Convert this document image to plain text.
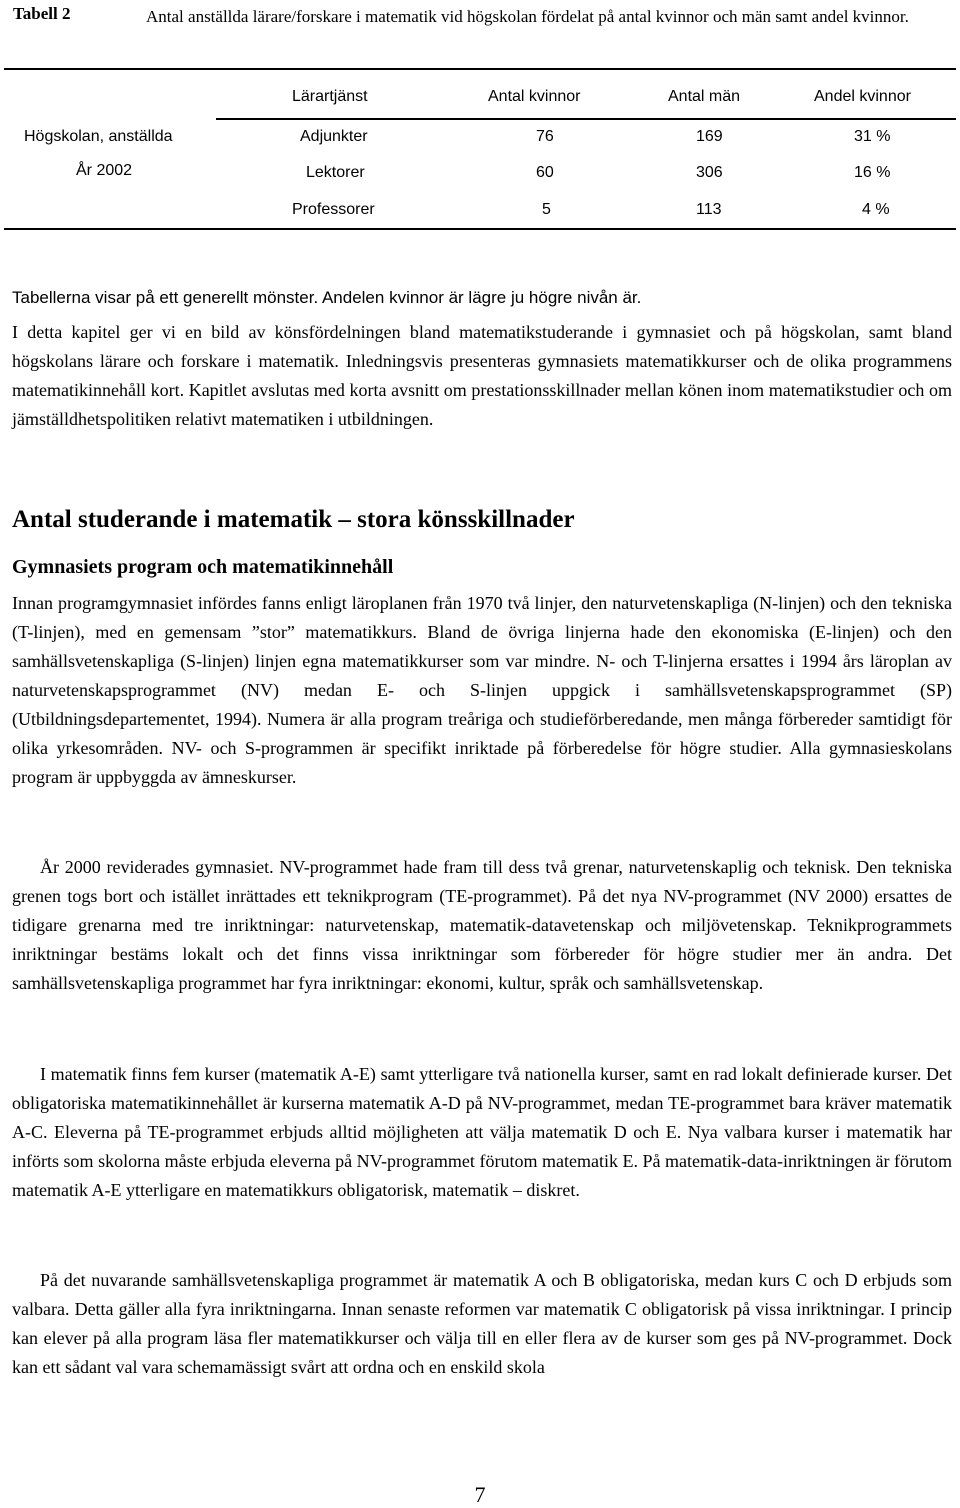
Tabell 2	Antal anställda lärare/forskare i matematik vid högskolan fördelat på antal kvinnor och män samt andel kvinnor.
Lärartjänst	Antal kvinnor	Antal män	Andel kvinnor
Högskolan, anställda
År 2002
Adjunkter	76	169	31 %
Lektorer	60	306	16 %
Professorer	5	113	4 %

Tabellerna visar på ett generellt mönster. Andelen kvinnor är lägre ju högre nivån är.

I detta kapitel ger vi en bild av könsfördelningen bland matematikstuderande i gymnasiet och på högskolan, samt bland högskolans lärare och forskare i matematik. Inledningsvis presenteras gymnasiets matematikkurser och de olika programmens matematikinnehåll kort. Kapitlet avslutas med korta avsnitt om prestationsskillnader mellan könen inom matematikstudier och om jämställdhetspolitiken relativt matematiken i utbildningen.

Antal studerande i matematik – stora könsskillnader
Gymnasiets program och matematikinnehåll

Innan programgymnasiet infördes fanns enligt läroplanen från 1970 två linjer, den naturvetenskapliga (N-linjen) och den tekniska (T-linjen), med en gemensam ”stor” matematikkurs. Bland de övriga linjerna hade den ekonomiska (E-linjen) och den samhällsvetenskapliga (S-linjen) linjen egna matematikkurser som var mindre. N- och T-linjerna ersattes i 1994 års läroplan av naturvetenskapsprogrammet (NV) medan E- och S-linjen uppgick i samhällsvetenskapsprogrammet (SP) (Utbildningsdepartementet, 1994). Numera är alla program treåriga och studieförberedande, men många förbereder samtidigt för olika yrkesområden. NV- och S-programmen är specifikt inriktade på förberedelse för högre studier. Alla gymnasieskolans program är uppbyggda av ämneskurser.

År 2000 reviderades gymnasiet. NV-programmet hade fram till dess två grenar, naturvetenskaplig och teknisk. Den tekniska grenen togs bort och istället inrättades ett teknikprogram (TE-programmet). På det nya NV-programmet (NV 2000) ersattes de tidigare grenarna med tre inriktningar: naturvetenskap, matematik-datavetenskap och miljövetenskap. Teknikprogrammets inriktningar bestäms lokalt och det finns vissa inriktningar som förbereder för högre studier mer än andra. Det samhällsvetenskapliga programmet har fyra inriktningar: ekonomi, kultur, språk och samhällsvetenskap.

I matematik finns fem kurser (matematik A-E) samt ytterligare två nationella kurser, samt en rad lokalt definierade kurser. Det obligatoriska matematikinnehållet är kurserna matematik A-D på NV-programmet, medan TE-programmet bara kräver matematik A-C. Eleverna på TE-programmet erbjuds alltid möjligheten att välja matematik D och E. Nya valbara kurser i matematik har införts som skolorna måste erbjuda eleverna på NV-programmet förutom matematik E. På matematik-data-inriktningen är förutom matematik A-E ytterligare en matematikkurs obligatorisk, matematik – diskret.

På det nuvarande samhällsvetenskapliga programmet är matematik A och B obligatoriska, medan kurs C och D erbjuds som valbara. Detta gäller alla fyra inriktningarna. Innan senaste reformen var matematik C obligatorisk på vissa inriktningar. I princip kan elever på alla program läsa fler matematikkurser och välja till en eller flera av de kurser som ges på NV-programmet. Dock kan ett sådant val vara schemamässigt svårt att ordna och en enskild skola

7
